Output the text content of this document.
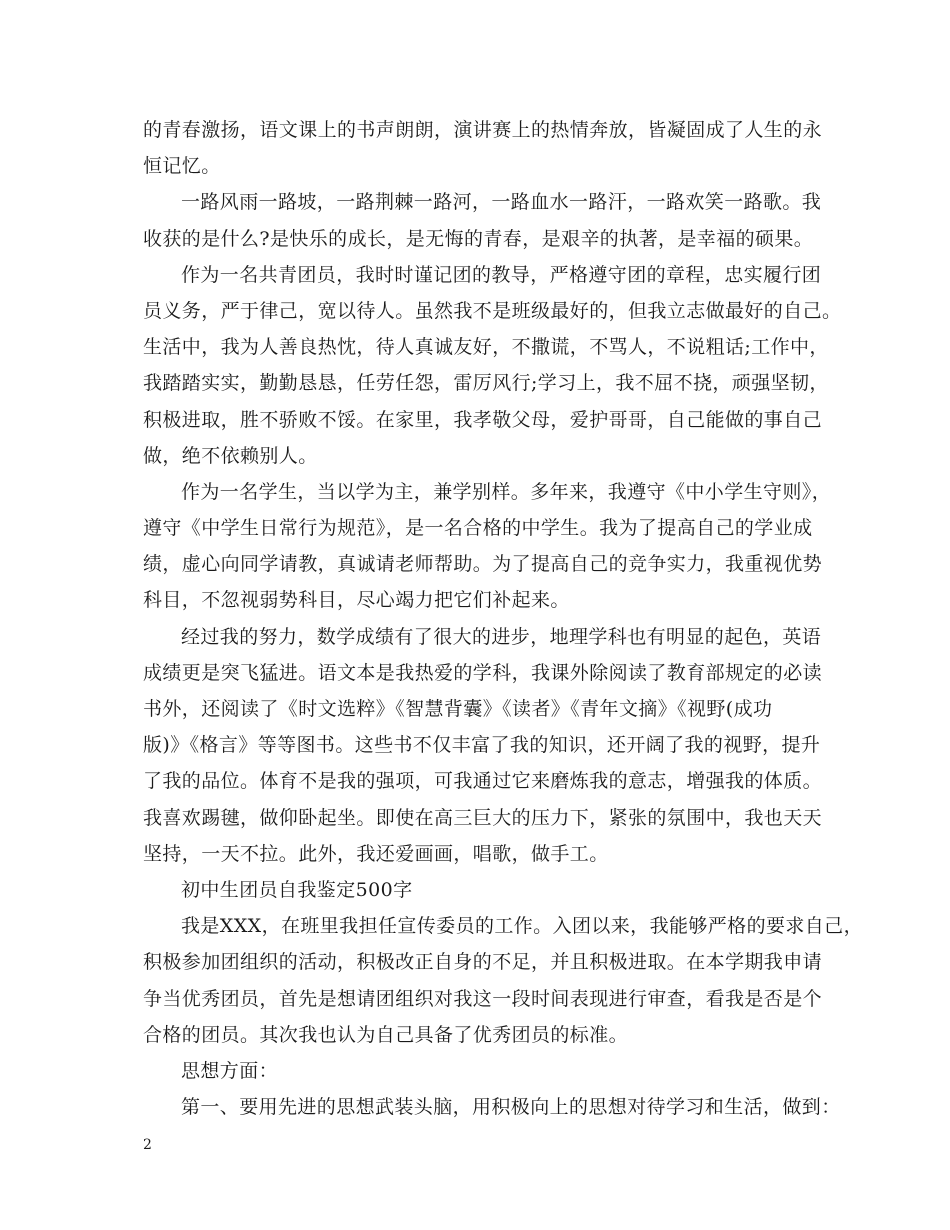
的青春激扬，语文课上的书声朗朗，演讲赛上的热情奔放，皆凝固成了人生的永
恒记忆。
一路风雨一路坡，一路荆棘一路河，一路血水一路汗，一路欢笑一路歌。我
收获的是什么?是快乐的成长，是无悔的青春，是艰辛的执著，是幸福的硕果。
作为一名共青团员，我时时谨记团的教导，严格遵守团的章程，忠实履行团
员义务，严于律己，宽以待人。虽然我不是班级最好的，但我立志做最好的自己。
生活中，我为人善良热忱，待人真诚友好，不撒谎，不骂人，不说粗话;工作中，
我踏踏实实，勤勤恳恳，任劳任怨，雷厉风行;学习上，我不屈不挠，顽强坚韧，
积极进取，胜不骄败不馁。在家里，我孝敬父母，爱护哥哥，自己能做的事自己
做，绝不依赖别人。
作为一名学生，当以学为主，兼学别样。多年来，我遵守《中小学生守则》，
遵守《中学生日常行为规范》，是一名合格的中学生。我为了提高自己的学业成
绩，虚心向同学请教，真诚请老师帮助。为了提高自己的竞争实力，我重视优势
科目，不忽视弱势科目，尽心竭力把它们补起来。
经过我的努力，数学成绩有了很大的进步，地理学科也有明显的起色，英语
成绩更是突飞猛进。语文本是我热爱的学科，我课外除阅读了教育部规定的必读
书外，还阅读了《时文选粹》《智慧背囊》《读者》《青年文摘》《视野(成功
版)》《格言》等等图书。这些书不仅丰富了我的知识，还开阔了我的视野，提升
了我的品位。体育不是我的强项，可我通过它来磨炼我的意志，增强我的体质。
我喜欢踢毽，做仰卧起坐。即使在高三巨大的压力下，紧张的氛围中，我也天天
坚持，一天不拉。此外，我还爱画画，唱歌，做手工。
初中生团员自我鉴定500字
我是XXX，在班里我担任宣传委员的工作。入团以来，我能够严格的要求自己，
积极参加团组织的活动，积极改正自身的不足，并且积极进取。在本学期我申请
争当优秀团员，首先是想请团组织对我这一段时间表现进行审查，看我是否是个
合格的团员。其次我也认为自己具备了优秀团员的标准。
思想方面：
第一、要用先进的思想武装头脑，用积极向上的思想对待学习和生活，做到：
2
